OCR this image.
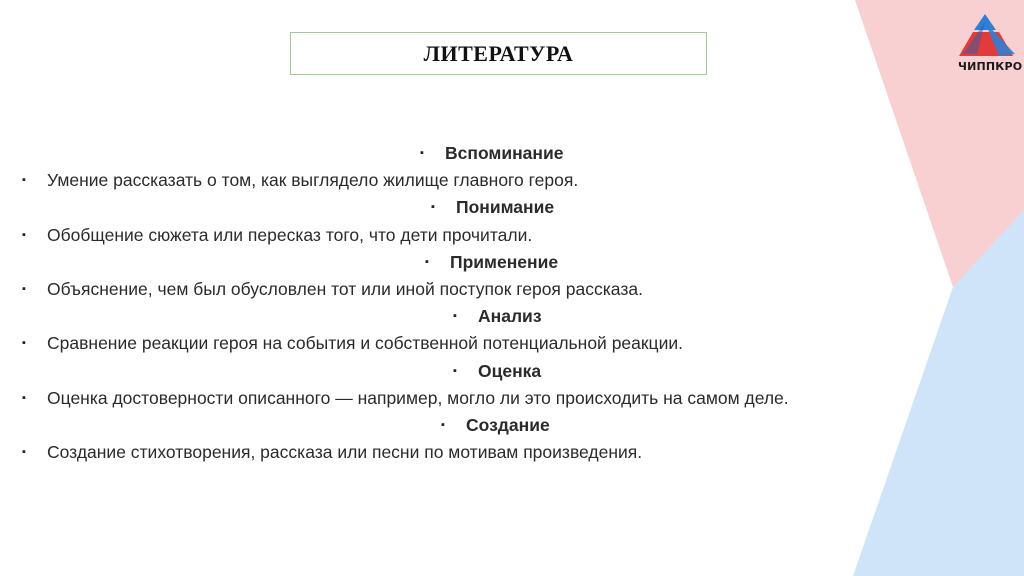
ЧИППКРО
ЛИТЕРАТУРА
▪ Вспоминание
▪ Умение рассказать о том, как выглядело жилище главного героя.
▪ Понимание
▪ Обобщение сюжета или пересказ того, что дети прочитали.
▪ Применение
▪ Объяснение, чем был обусловлен тот или иной поступок героя рассказа.
▪ Анализ
▪ Сравнение реакции героя на события и собственной потенциальной реакции.
▪ Оценка
▪ Оценка достоверности описанного — например, могло ли это происходить на самом деле.
▪ Создание
▪ Создание стихотворения, рассказа или песни по мотивам произведения.
